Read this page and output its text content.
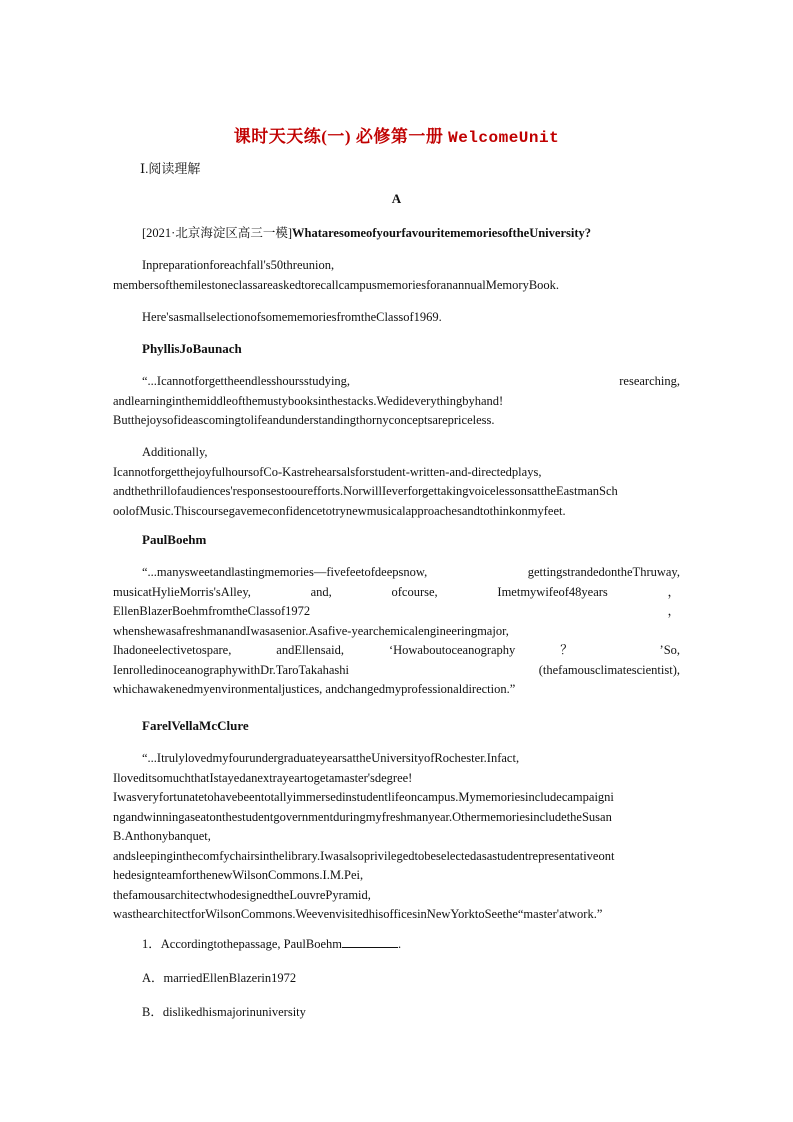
课时天天练(一) 必修第一册 WelcomeUnit
Ⅰ.阅读理解
A

[2021·北京海淀区高三一模]WhataresomeofyourfavouritememoriesoftheUniversity?

Inpreparationforeachfall's50threunion, membersofthemilestoneclassareaskedtorecallcampusmemoriesforanannualMemoryBook.

Here'sasmallselectionofsomememoriesfromtheClassof1969.

PhyllisJoBaunach

“...Icannotforgettheendlesshoursstudying,	researching,

andlearninginthemiddleofthemustybooksinthestacks.Wedideverythingbyhand!

Butthejoysofideascomingtolifeandunderstandingthornyconceptsarepriceless.

Additionally,

IcannotforgetthejoyfulhoursofCo-Kastrehearsalsforstudent-written-and-directedplays,

andthethrillofaudiences'responsestoourefforts.NorwillIeverforgettakingvoicelessonsattheEastmanSch

oolofMusic.Thiscoursegavemeconfidencetotrynewmusicalapproachesandtothinkonmyfeet.

PaulBoehm

“...manysweetandlastingmemories—fivefeetofdeepsnow,	gettingstrandedontheThruway,

musicatHylieMorris'sAlley,	and,	ofcourse,	Imetmywifeof48years	，

EllenBlazerBoehmfromtheClassof1972	，

whenshewasafreshmanandIwasasenior.Asafive-yearchemicalengineeringmajor,

Ihadoneelectivetospare,	andEllensaid,	‘Howaboutoceanography	？	’So,

IenrolledinoceanographywithDr.TaroTakahashi	(thefamousclimatescientist),

whichawakenedmyenvironmentaljustices, andchangedmyprofessionaldirection.”

FarelVellaMcClure

“...ItrulylovedmyfourundergraduateyearsattheUniversityofRochester.Infact,

IloveditsomuchthatIstayedanextrayeartogetamaster'sdegree!

Iwasveryfortunatetohavebeentotallyimmersedinstudentlifeoncampus.Mymemoriesincludecampaigni

ngandwinningaseatonthestudentgovernmentduringmyfreshmanyear.OthermemoriesincludetheSusan

B.Anthonybanquet,

andsleepinginthecomfychairsinthelibrary.Iwasalsoprivilegedtobeselectedasastudentrepresentativeont

hedesignteamforthenewWilsonCommons.I.M.Pei,

thefamousarchitectwhodesignedtheLouvrePyramid,

wasthearchitectforWilsonCommons.WeevenvisitedhisofficesinNewYorktoSeethe“master'atwork.”

1．Accordingtothepassage, PaulBoehm	.

A．marriedEllenBlazerin1972

B．dislikedhismajorinuniversity
